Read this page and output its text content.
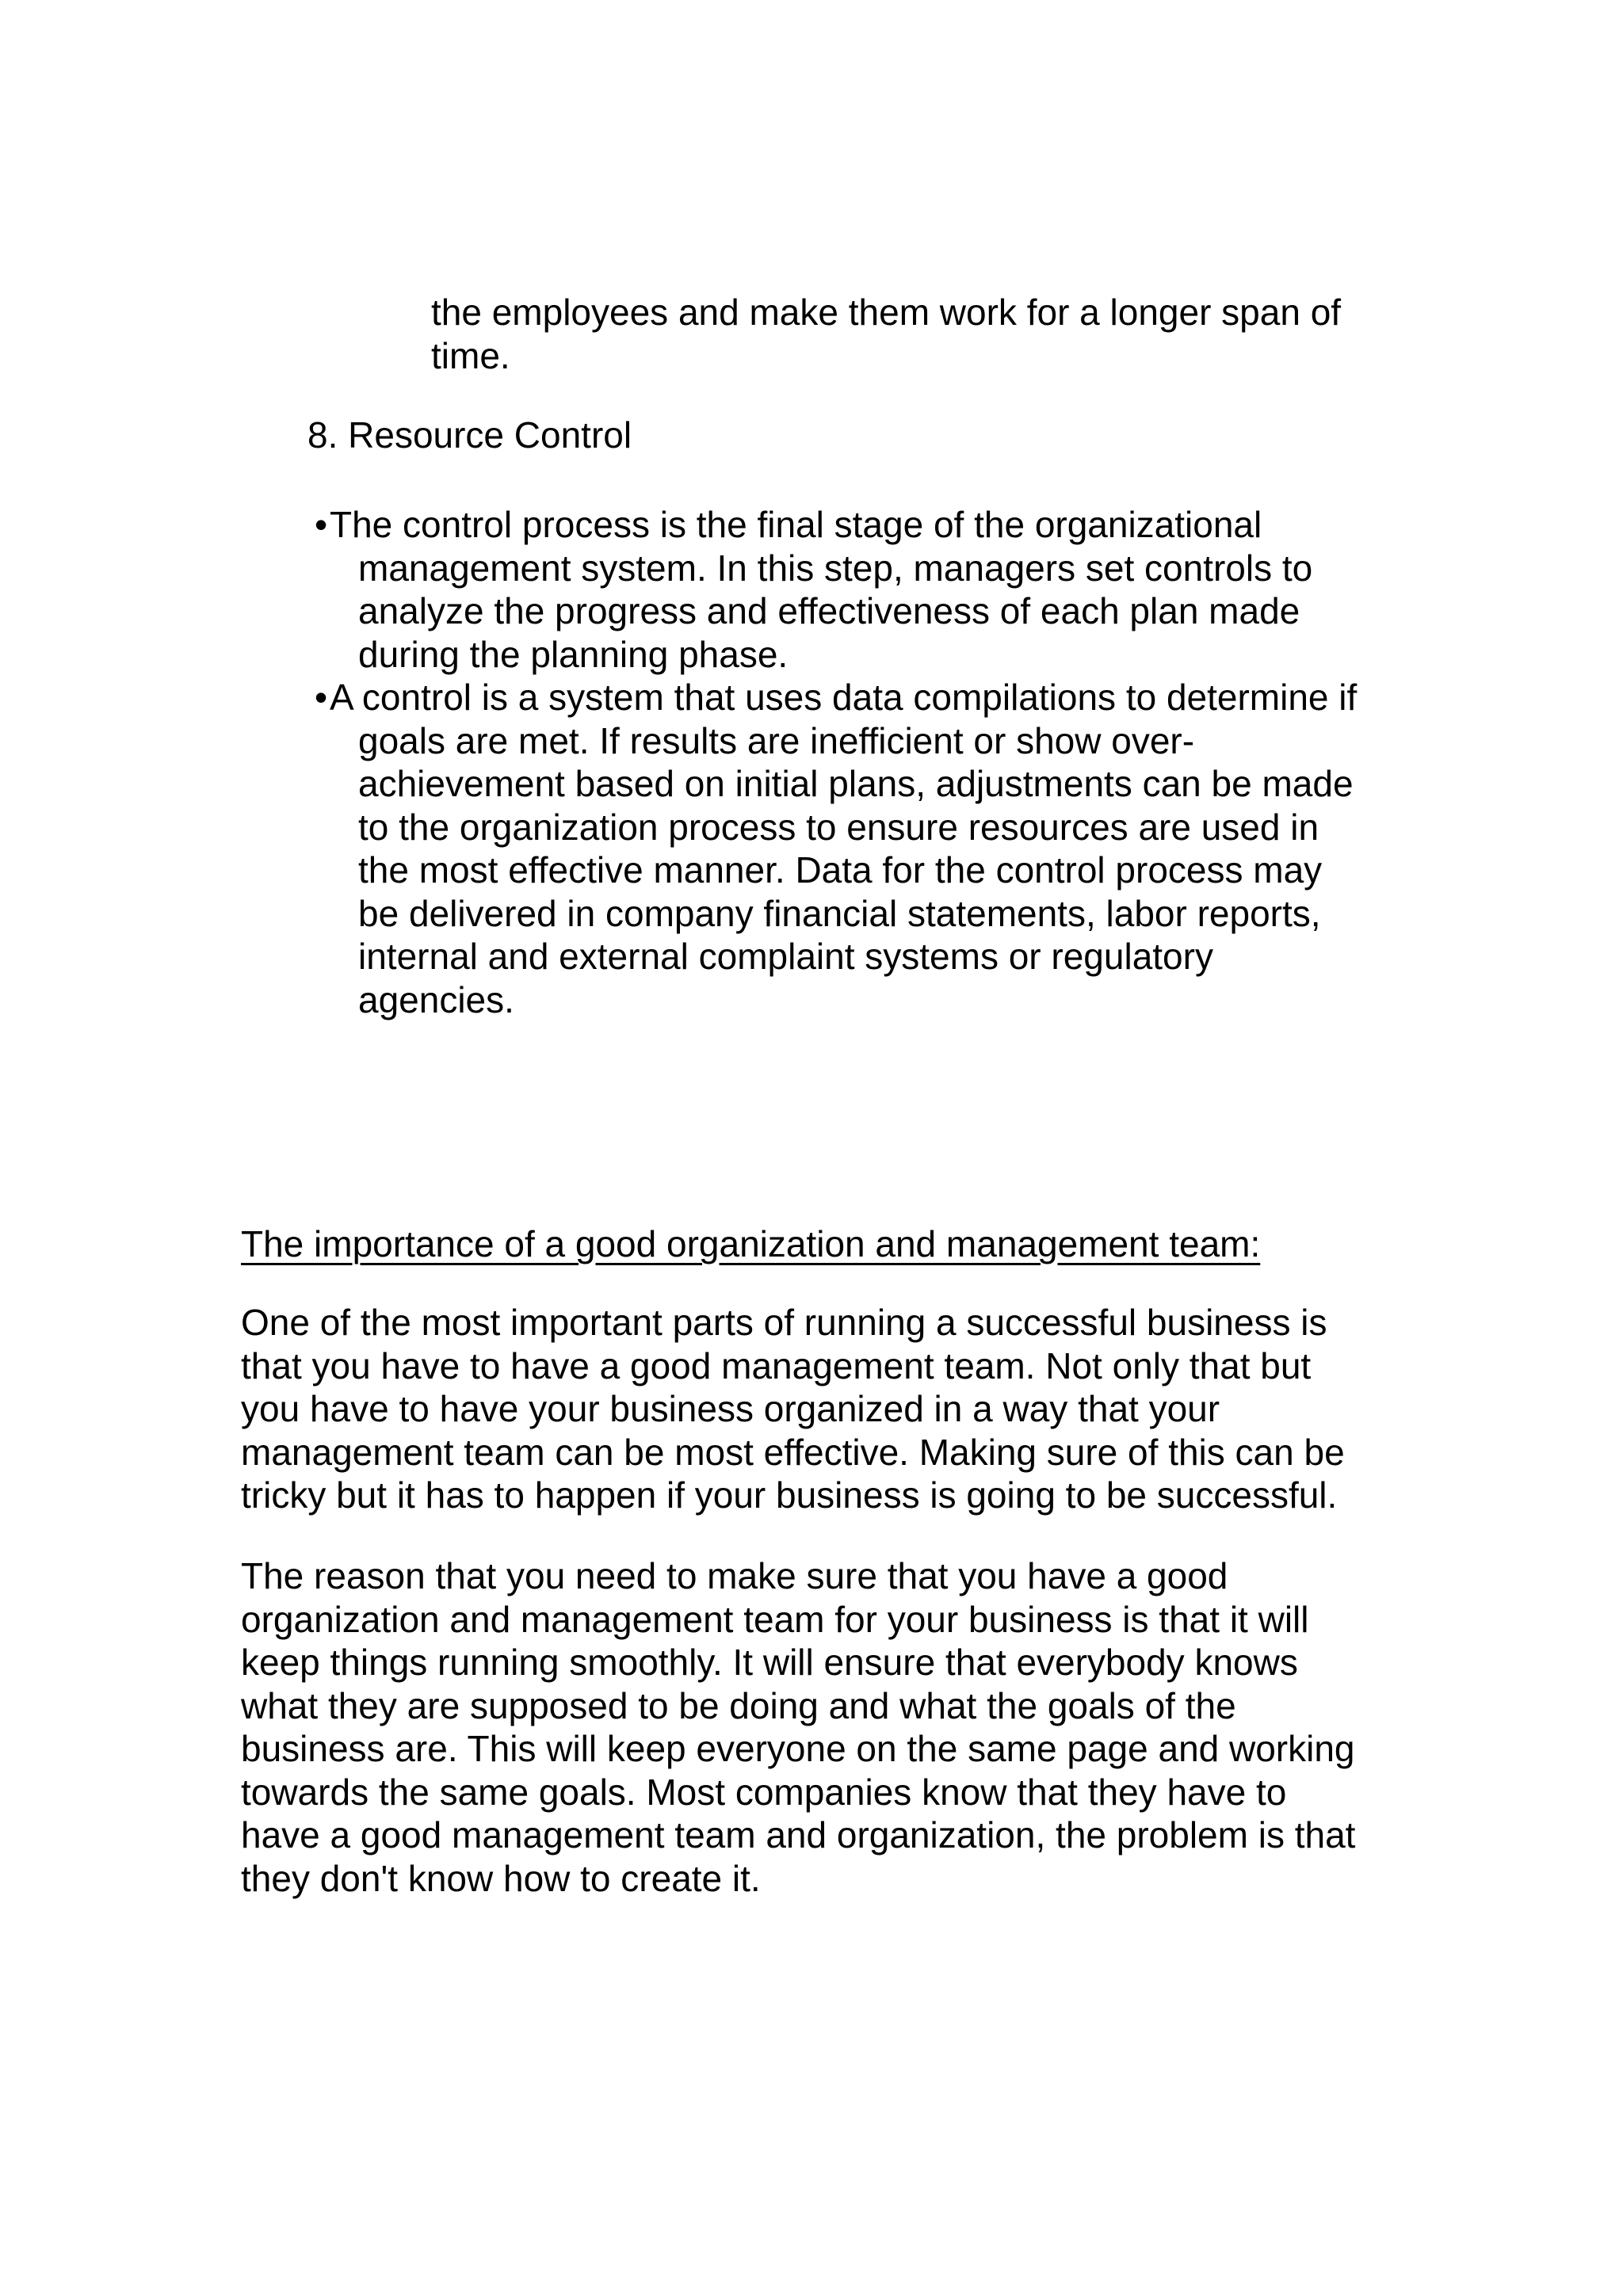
the employees and make them work for a longer span of
time.

8. Resource Control

• The control process is the final stage of the organizational
management system. In this step, managers set controls to
analyze the progress and effectiveness of each plan made
during the planning phase.
• A control is a system that uses data compilations to determine if
goals are met. If results are inefficient or show over-
achievement based on initial plans, adjustments can be made
to the organization process to ensure resources are used in
the most effective manner. Data for the control process may
be delivered in company financial statements, labor reports,
internal and external complaint systems or regulatory
agencies.

The importance of a good organization and management team:

One of the most important parts of running a successful business is
that you have to have a good management team. Not only that but
you have to have your business organized in a way that your
management team can be most effective. Making sure of this can be
tricky but it has to happen if your business is going to be successful.

The reason that you need to make sure that you have a good
organization and management team for your business is that it will
keep things running smoothly. It will ensure that everybody knows
what they are supposed to be doing and what the goals of the
business are. This will keep everyone on the same page and working
towards the same goals. Most companies know that they have to
have a good management team and organization, the problem is that
they don't know how to create it.
